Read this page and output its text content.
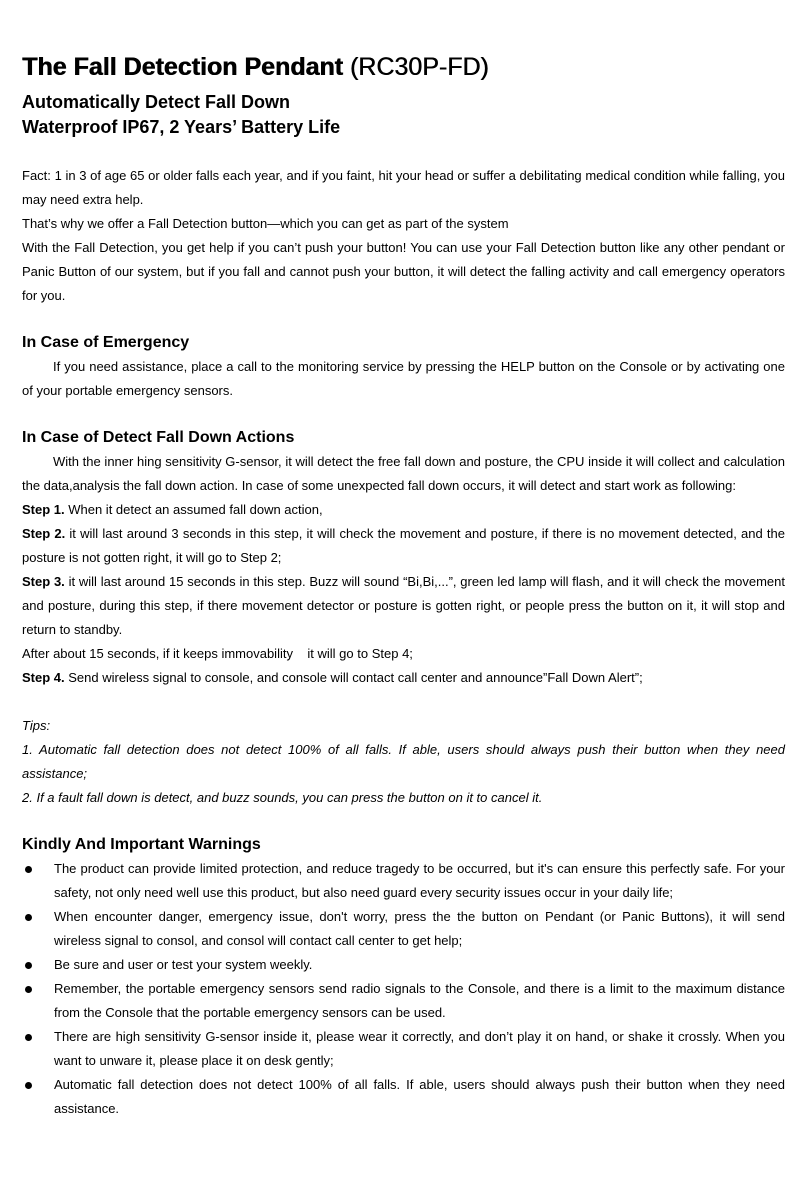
The Fall Detection Pendant (RC30P-FD)
Automatically Detect Fall Down
Waterproof IP67, 2 Years’ Battery Life

Fact: 1 in 3 of age 65 or older falls each year, and if you faint, hit your head or suffer a debilitating medical condition while falling, you may need extra help.

That’s why we offer a Fall Detection button—which you can get as part of the system

With the Fall Detection, you get help if you can’t push your button! You can use your Fall Detection button like any other pendant or Panic Button of our system, but if you fall and cannot push your button, it will detect the falling activity and call emergency operators for you.

In Case of Emergency

If you need assistance, place a call to the monitoring service by pressing the HELP button on the Console or by activating one of your portable emergency sensors.

In Case of Detect Fall Down Actions

With the inner hing sensitivity G-sensor, it will detect the free fall down and posture, the CPU inside it will collect and calculation the data,analysis the fall down action. In case of some unexpected fall down occurs, it will detect and start work as following:

Step 1. When it detect an assumed fall down action,

Step 2. it will last around 3 seconds in this step, it will check the movement and posture, if there is no movement detected, and the posture is not gotten right, it will go to Step 2;

Step 3. it will last around 15 seconds in this step. Buzz will sound “Bi,Bi,...”, green led lamp will flash, and it will check the movement and posture, during this step, if there movement detector or posture is gotten right, or people press the button on it, it will stop and return to standby.

After about 15 seconds, if it keeps immovability    it will go to Step 4;

Step 4. Send wireless signal to console, and console will contact call center and announce”Fall Down Alert”;

Tips:

1. Automatic fall detection does not detect 100% of all falls. If able, users should always push their button when they need assistance;

2. If a fault fall down is detect, and buzz sounds, you can press the button on it to cancel it.

Kindly And Important Warnings
The product can provide limited protection, and reduce tragedy to be occurred, but it's can ensure this perfectly safe. For your safety, not only need well use this product, but also need guard every security issues occur in your daily life;
When encounter danger, emergency issue, don't worry, press the the button on Pendant (or Panic Buttons), it will send wireless signal to consol, and consol will contact call center to get help;
Be sure and user or test your system weekly.
Remember, the portable emergency sensors send radio signals to the Console, and there is a limit to the maximum distance from the Console that the portable emergency sensors can be used.
There are high sensitivity G-sensor inside it, please wear it correctly, and don’t play it on hand, or shake it crossly. When you want to unware it, please place it on desk gently;
Automatic fall detection does not detect 100% of all falls. If able, users should always push their button when they need assistance.
